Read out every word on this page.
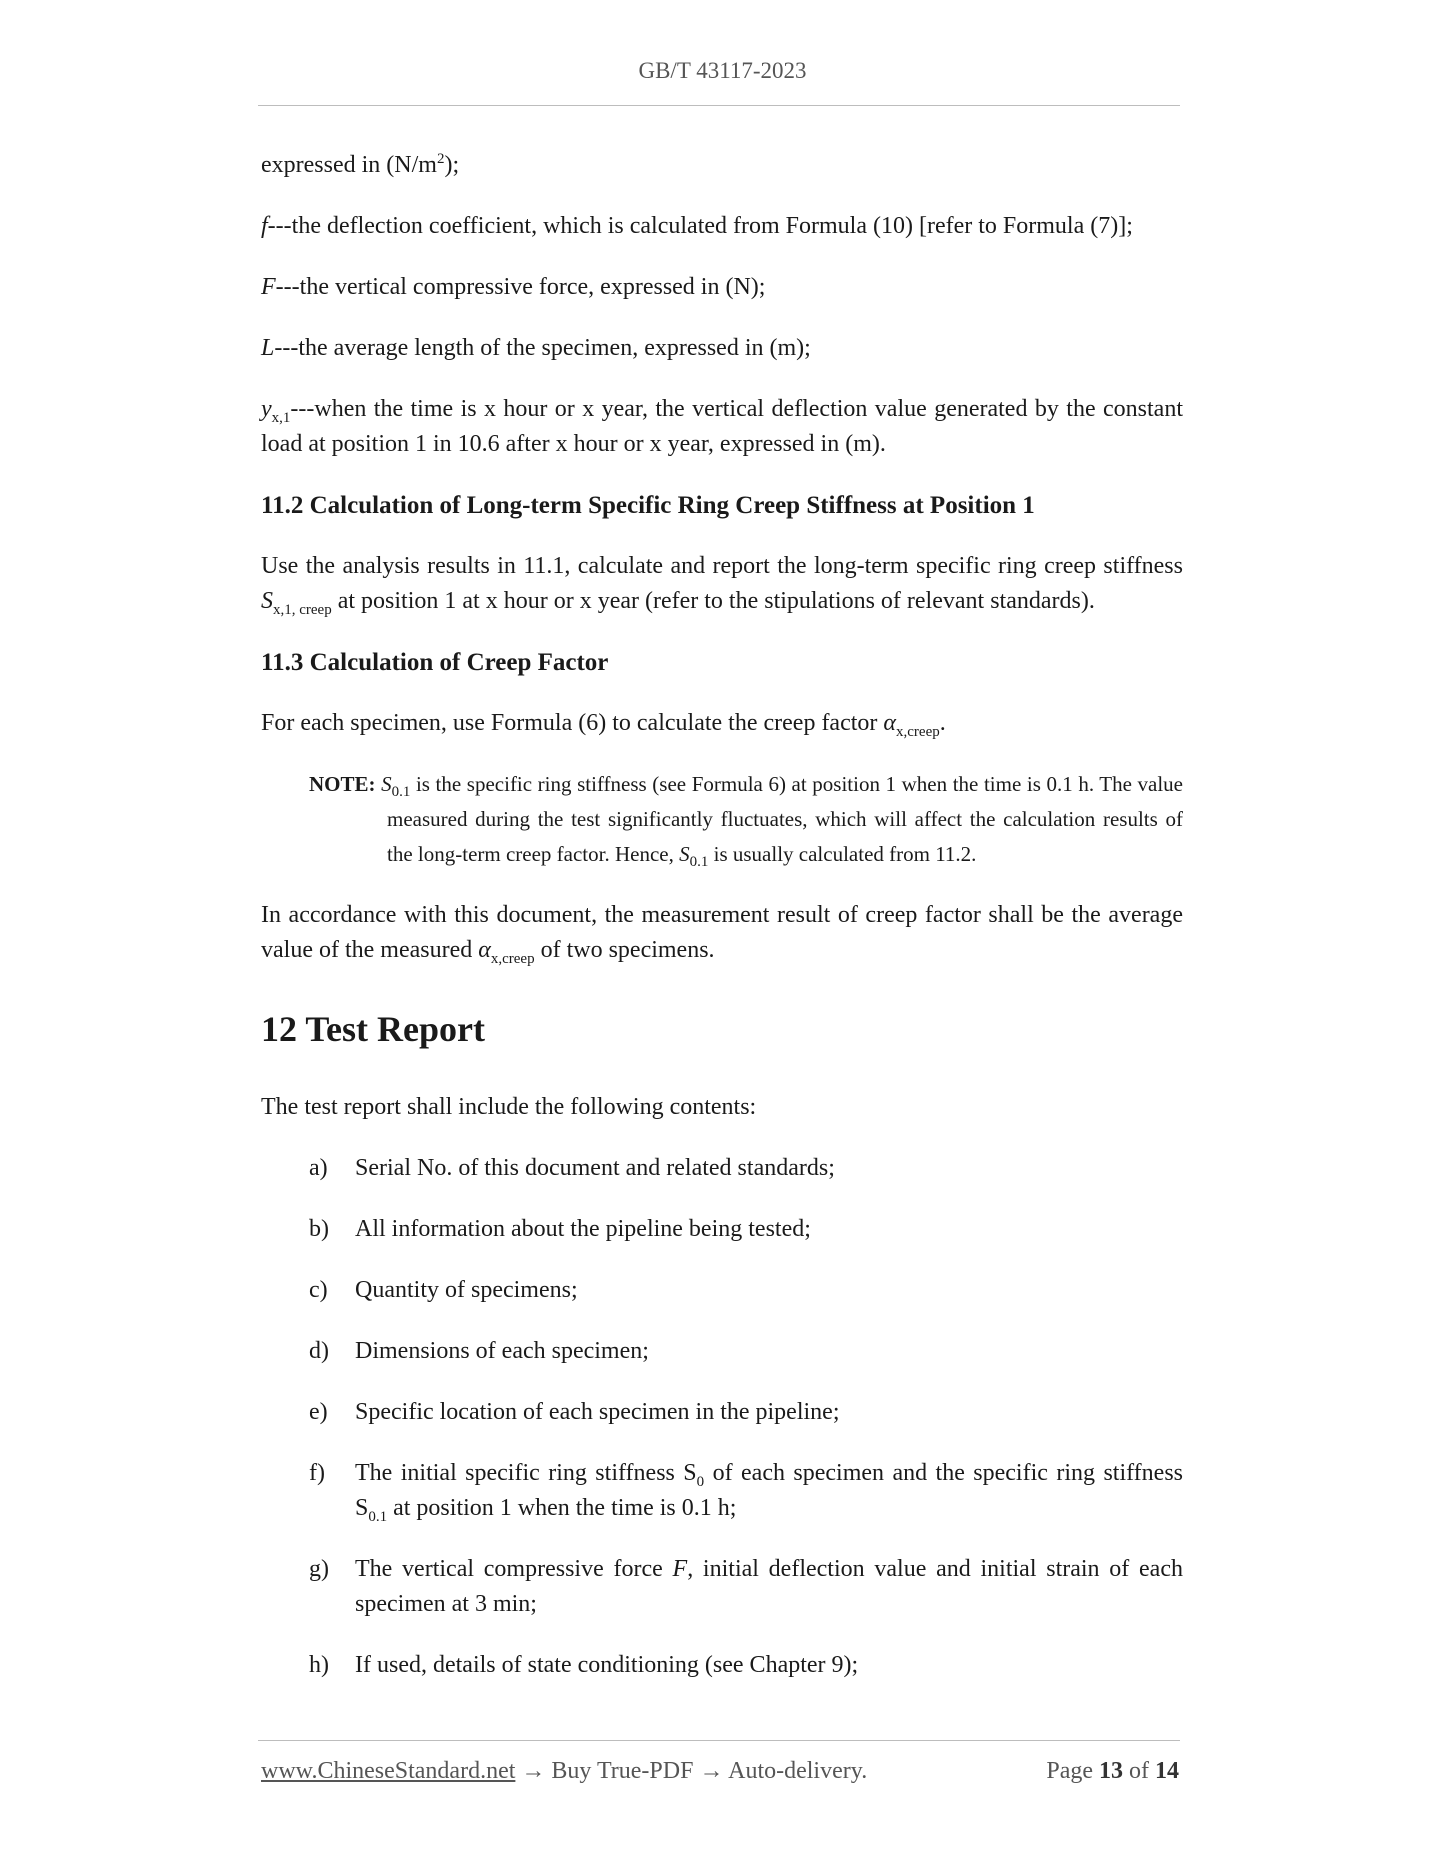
GB/T 43117-2023

expressed in $(N/m^2)$;

f---the deflection coefficient, which is calculated from Formula (10) [refer to Formula (7)];

F---the vertical compressive force, expressed in (N);

L---the average length of the specimen, expressed in (m);

$y_{x,1}--$-when the time is x hour or x year, the vertical deflection value generated by the constant load at position 1 in 10.6 after x hour or x year, expressed in (m).

11.2 Calculation of Long-term Specific Ring Creep Stiffness at Position 1

Use the analysis results in 11.1, calculate and report the long-term specific ring creep stiffness $S_{x,1, creep}$ at position 1 at x hour or x year (refer to the stipulations of relevant standards).

11.3 Calculation of Creep Factor

For each specimen, use Formula (6) to calculate the creep factor $\alpha_{x,creep}$.

NOTE: $S_{0.1}$ is the specific ring stiffness (see Formula 6) at position 1 when the time is 0.1 h. The value measured during the test significantly fluctuates, which will affect the calculation results of the long-term creep factor. Hence, $S_{0.1}$ is usually calculated from 11.2.

In accordance with this document, the measurement result of creep factor shall be the average value of the measured $\alpha_{x,creep}$ of two specimens.

12 Test Report

The test report shall include the following contents:

a) Serial No. of this document and related standards;
b) All information about the pipeline being tested;
c) Quantity of specimens;
d) Dimensions of each specimen;
e) Specific location of each specimen in the pipeline;
f) The initial specific ring stiffness $S_0$ of each specimen and the specific ring stiffness $S_{0.1}$ at position 1 when the time is 0.1 h;
g) The vertical compressive force F, initial deflection value and initial strain of each specimen at 3 min;
h) If used, details of state conditioning (see Chapter 9);
www.ChineseStandard.net → Buy True-PDF → Auto-delivery.	Page 13 of 14
